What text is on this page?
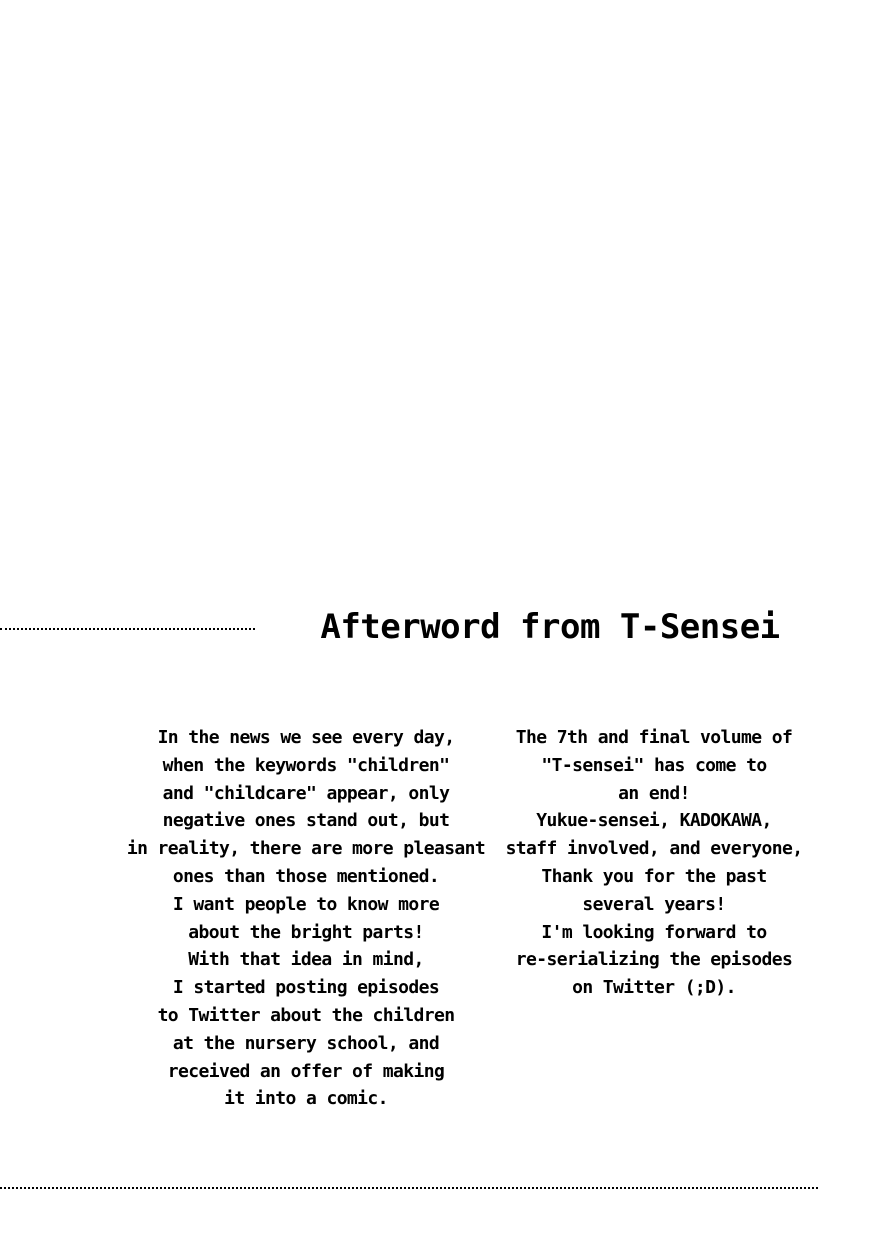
Afterword from T-Sensei
In the news we see every day,
when the keywords "children"
and "childcare" appear, only
negative ones stand out, but
in reality, there are more pleasant
ones than those mentioned.
I want people to know more
about the bright parts!
With that idea in mind,
I started posting episodes
to Twitter about the children
at the nursery school, and
received an offer of making
it into a comic.
The 7th and final volume of
"T-sensei" has come to
an end!
Yukue-sensei, KADOKAWA,
staff involved, and everyone,
Thank you for the past
several years!
I'm looking forward to
re-serializing the episodes
on Twitter (;D).
